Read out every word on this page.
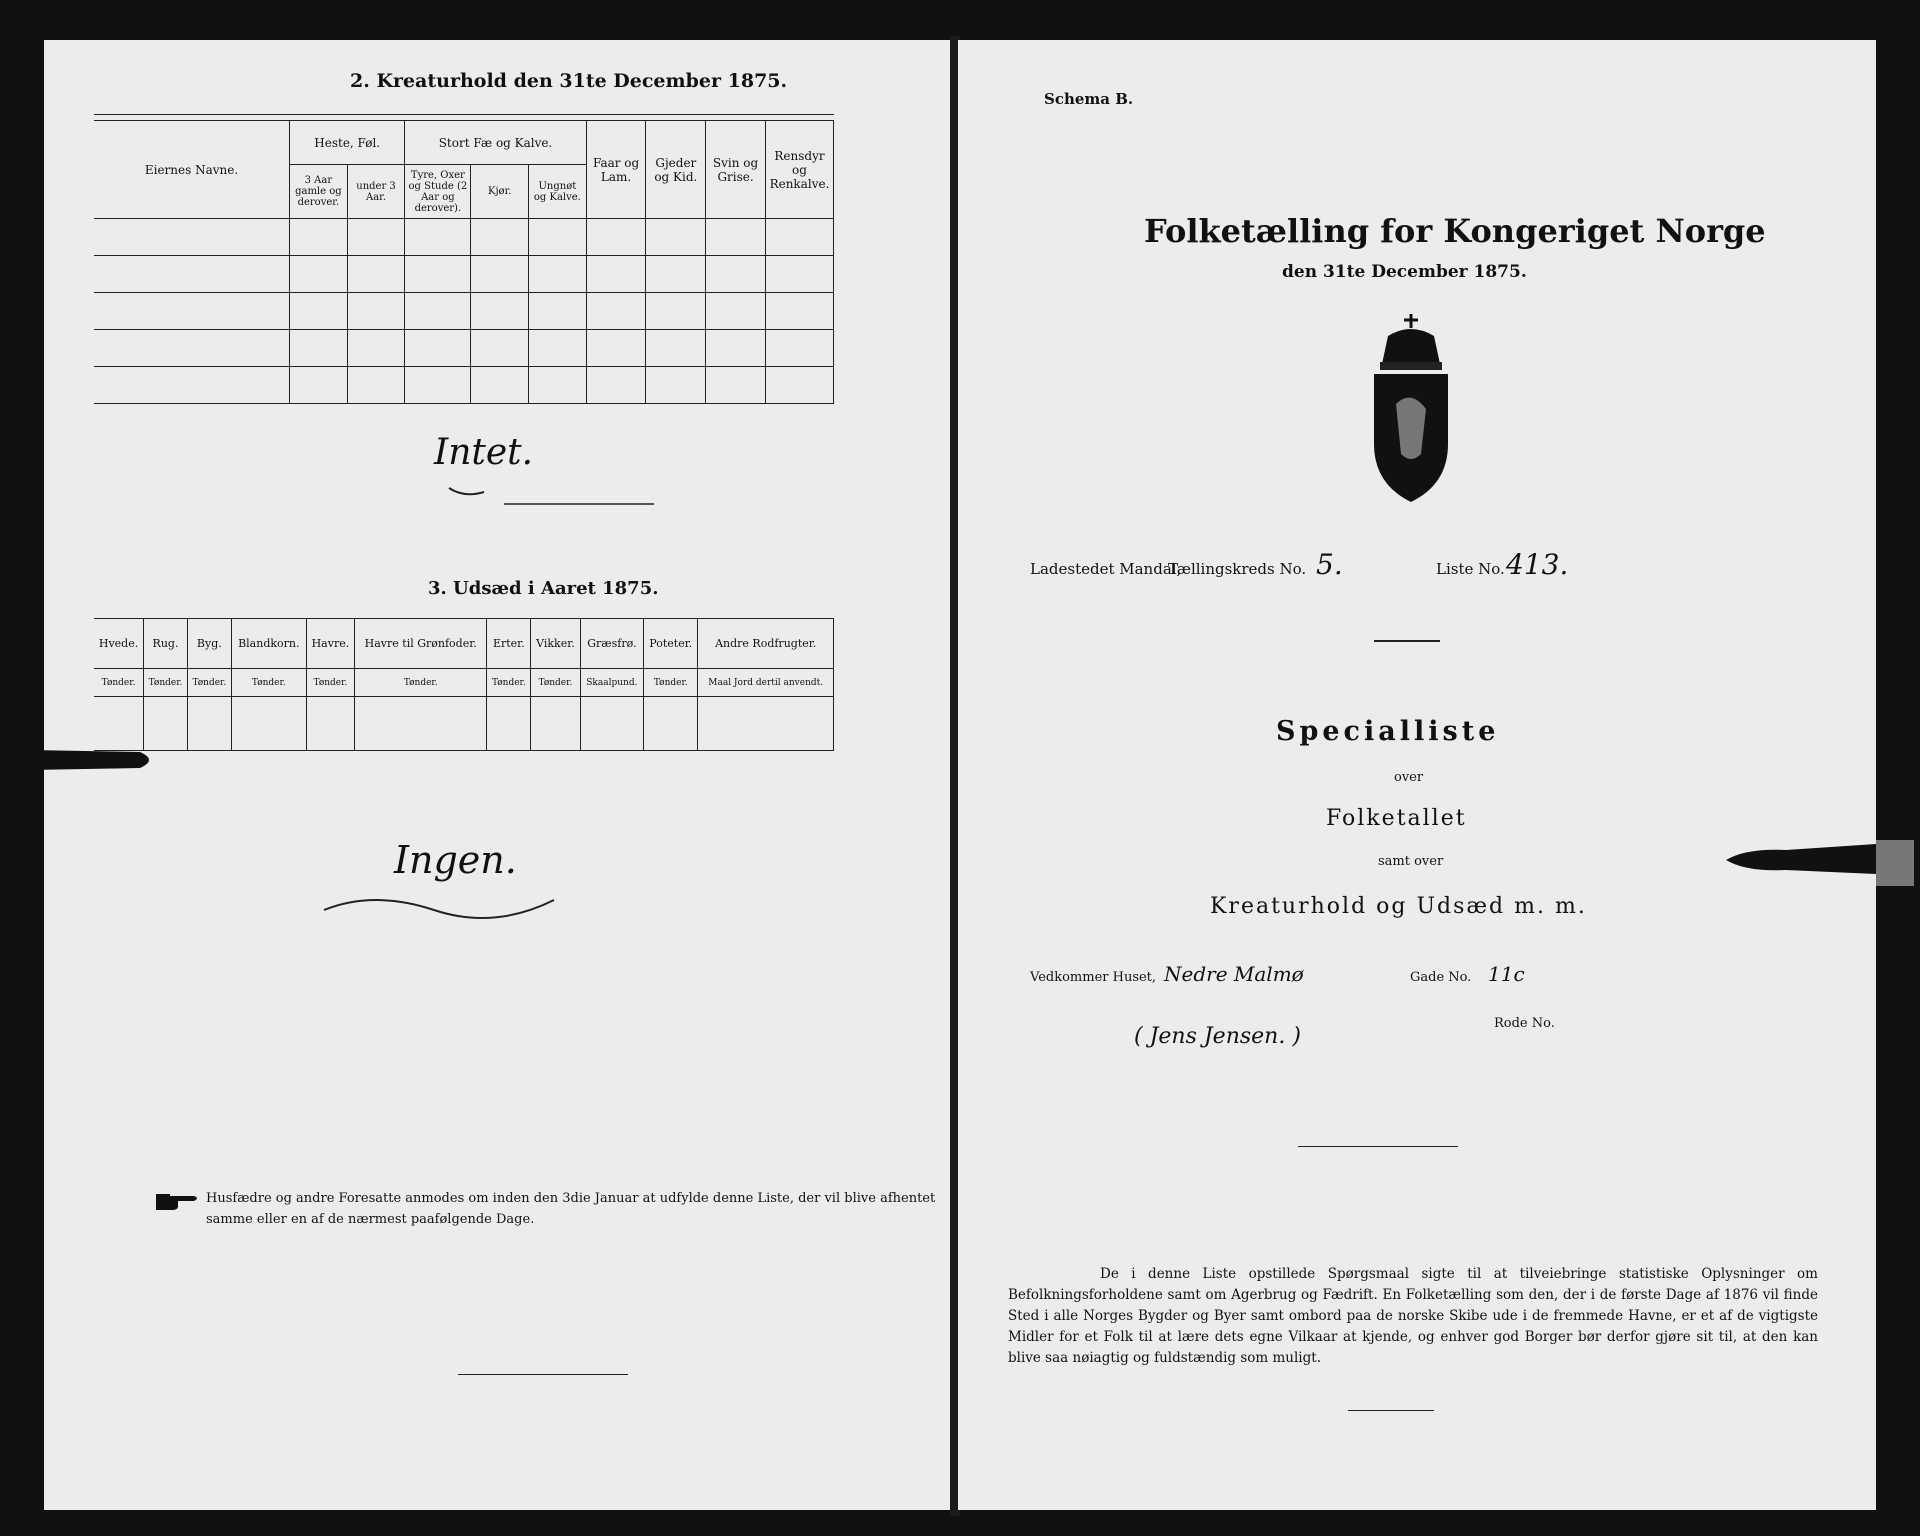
2. Kreaturhold den 31te December 1875.

Eiernes Navne.	Heste, Føl.		Stort Fæ og Kalve.			Faar og Lam.	Gjeder og Kid.	Svin og Grise.	Rensdyr og Renkalve.
	3 Aar gamle og derover.	under 3 Aar.	Tyre, Oxer og Stude (2 Aar og derover).	Kjør.	Ungnøt og Kalve.				

Intet.
3. Udsæd i Aaret 1875.
Hvede.	Rug.	Byg.	Blandkorn.	Havre.	Havre til Grønfoder.	Erter.	Vikker.	Græsfrø.	Poteter.	Andre Rodfrugter.
Tønder.	Tønder.	Tønder.	Tønder.	Tønder.	Tønder.	Tønder.	Tønder.	Skaalpund.	Tønder.	Maal Jord dertil anvendt.

Ingen.
Husfædre og andre Foresatte anmodes om inden den 3die Januar at udfylde denne Liste, der vil blive afhentet samme eller en af de nærmest paafølgende Dage.
Schema B.
Folketælling for Kongeriget Norge
den 31te December 1875.
Ladestedet Mandal,
Tællingskreds No. 5.	Liste No. 413.
Specialliste
over
Folketallet
samt over
Kreaturhold og Udsæd m. m.
Vedkommer Huset, Nedre Malmø	Gade No. 11c
( Jens Jensen. )
Rode No.
De i denne Liste opstillede Spørgsmaal sigte til at tilveiebringe statistiske Oplysninger om Befolkningsforholdene samt om Agerbrug og Fædrift. En Folketælling som den, der i de første Dage af 1876 vil finde Sted i alle Norges Bygder og Byer samt ombord paa de norske Skibe ude i de fremmede Havne, er et af de vigtigste Midler for et Folk til at lære dets egne Vilkaar at kjende, og enhver god Borger bør derfor gjøre sit til, at den kan blive saa nøiagtig og fuldstændig som muligt.
